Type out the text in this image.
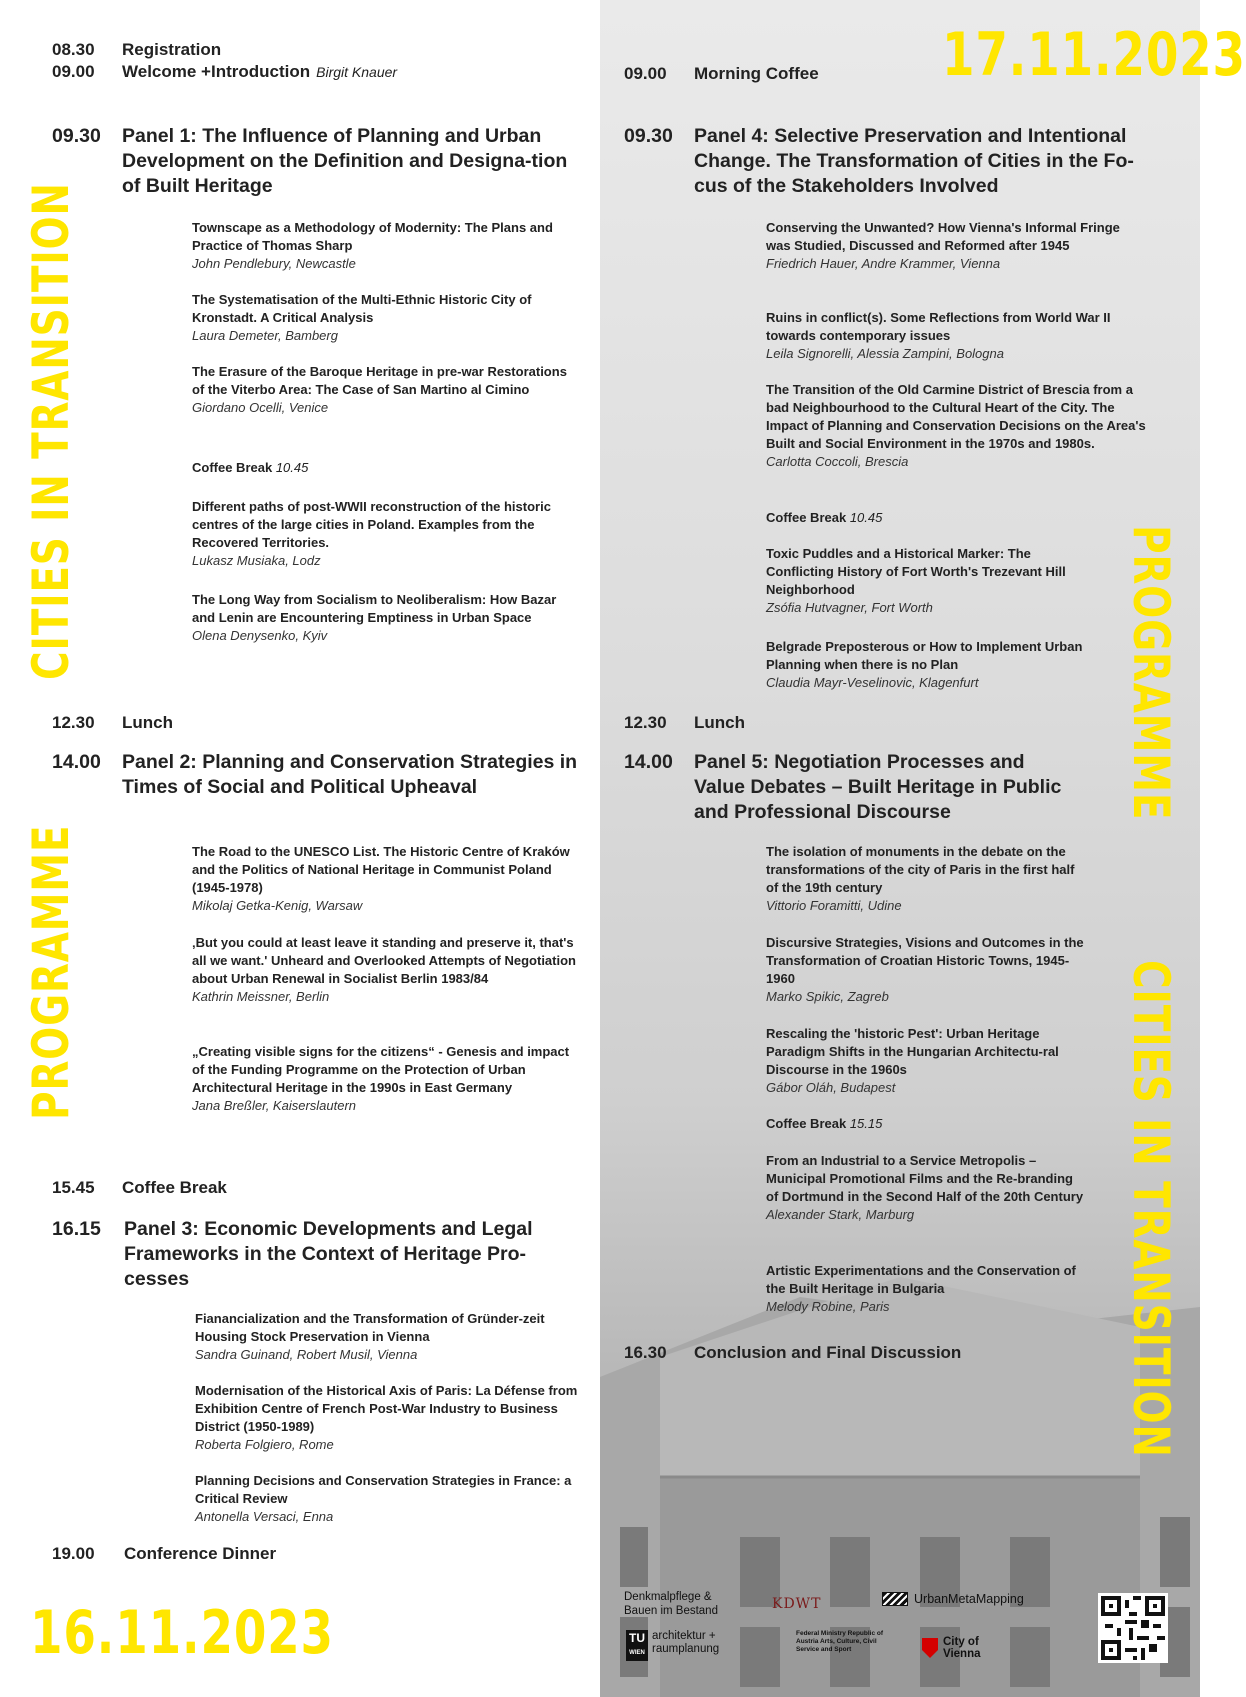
08.30	Registration
09.00	Welcome +Introduction Birgit Knauer
09.30	Panel 1: The Influence of Planning and Urban Development on the Definition and Designa-tion of Built Heritage
Townscape as a Methodology of Modernity: The Plans and Practice of Thomas Sharp
John Pendlebury, Newcastle
The Systematisation of the Multi-Ethnic Historic City of Kronstadt. A Critical Analysis
Laura Demeter, Bamberg
The Erasure of the Baroque Heritage in pre-war Restorations of the Viterbo Area: The Case of San Martino al Cimino
Giordano Ocelli, Venice
Coffee Break 10.45
Different paths of post-WWII reconstruction of the historic centres of the large cities in Poland. Examples from the Recovered Territories.
Lukasz Musiaka, Lodz
The Long Way from Socialism to Neoliberalism: How Bazar and Lenin are Encountering Emptiness in Urban Space
Olena Denysenko, Kyiv
12.30	Lunch
14.00	Panel 2: Planning and Conservation Strategies in Times of Social and Political Upheaval
The Road to the UNESCO List. The Historic Centre of Kraków and the Politics of National Heritage in Communist Poland (1945-1978)
Mikolaj Getka-Kenig, Warsaw
‚But you could at least leave it standing and preserve it, that's all we want.' Unheard and Overlooked Attempts of Negotiation about Urban Renewal in Socialist Berlin 1983/84
Kathrin Meissner, Berlin
„Creating visible signs for the citizens“ - Genesis and impact of the Funding Programme on the Protection of Urban Architectural Heritage in the 1990s in East Germany
Jana Breßler, Kaiserslautern
15.45	Coffee Break
16.15	Panel 3: Economic Developments and Legal Frameworks in the Context of Heritage Pro-cesses
Fianancialization and the Transformation of Gründer-zeit Housing Stock Preservation in Vienna
Sandra Guinand, Robert Musil, Vienna
Modernisation of the Historical Axis of Paris: La Défense from Exhibition Centre of French Post-War Industry to Business District (1950-1989)
Roberta Folgiero, Rome
Planning Decisions and Conservation Strategies in France: a Critical Review
Antonella Versaci, Enna
19.00	Conference Dinner
16.11.2023
CITIES IN TRANSITION
PROGRAMME
17.11.2023
09.00	Morning Coffee
09.30	Panel 4: Selective Preservation and Intentional Change. The Transformation of Cities in the Fo-cus of the Stakeholders Involved
Conserving the Unwanted? How Vienna's Informal Fringe was Studied, Discussed and Reformed after 1945
Friedrich Hauer, Andre Krammer, Vienna
Ruins in conflict(s). Some Reflections from World War II towards contemporary issues
Leila Signorelli, Alessia Zampini, Bologna
The Transition of the Old Carmine District of Brescia from a bad Neighbourhood to the Cultural Heart of the City. The Impact of Planning and Conservation Decisions on the Area's Built and Social Environment in the 1970s and 1980s.
Carlotta Coccoli, Brescia
Coffee Break 10.45
Toxic Puddles and a Historical Marker: The Conflicting History of Fort Worth's Trezevant Hill Neighborhood
Zsófia Hutvagner, Fort Worth
Belgrade Preposterous or How to Implement Urban Planning when there is no Plan
Claudia Mayr-Veselinovic, Klagenfurt
12.30	Lunch
14.00	Panel 5: Negotiation Processes and Value Debates – Built Heritage in Public and Professional Discourse
The isolation of monuments in the debate on the transformations of the city of Paris in the first half of the 19th century
Vittorio Foramitti, Udine
Discursive Strategies, Visions and Outcomes in the Transformation of Croatian Historic Towns, 1945-1960
Marko Spikic, Zagreb
Rescaling the 'historic Pest': Urban Heritage Paradigm Shifts in the Hungarian Architectu-ral Discourse in the 1960s
Gábor Oláh, Budapest
Coffee Break 15.15
From an Industrial to a Service Metropolis – Municipal Promotional Films and the Re-branding of Dortmund in the Second Half of the 20th Century
Alexander Stark, Marburg
Artistic Experimentations and the Conservation of the Built Heritage in Bulgaria
Melody Robine, Paris
16.30	Conclusion and Final Discussion
PROGRAMME
CITIES IN TRANSITION
Denkmalpflege & Bauen im Bestand	KDWT	UrbanMetaMapping
TU
WIEN
architektur + raumplanung
Federal Ministry Republic of Austria Arts, Culture, Civil Service and Sport
City of Vienna
